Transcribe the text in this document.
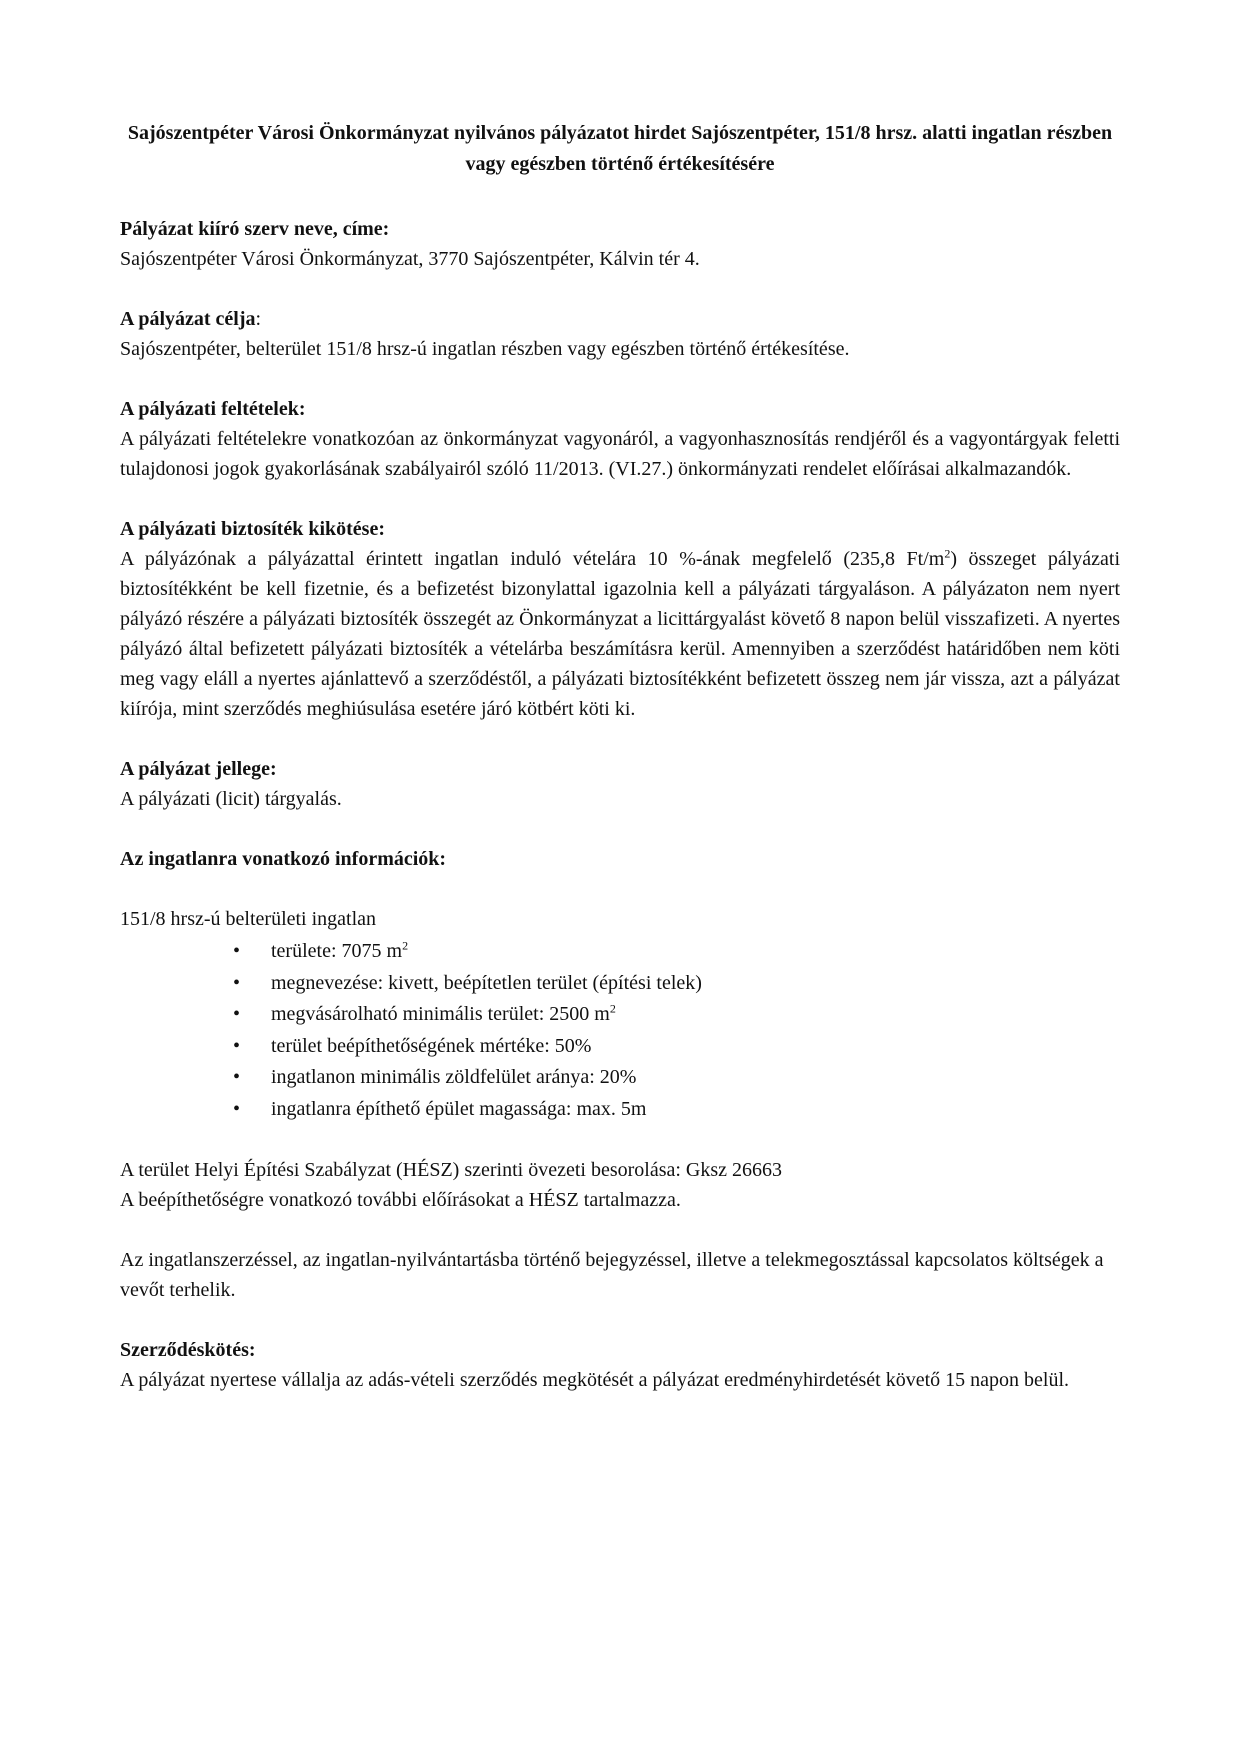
Sajószentpéter Városi Önkormányzat nyilvános pályázatot hirdet Sajószentpéter, 151/8 hrsz. alatti ingatlan részben vagy egészben történő értékesítésére

Pályázat kiíró szerv neve, címe:

Sajószentpéter Városi Önkormányzat, 3770 Sajószentpéter, Kálvin tér 4.

A pályázat célja:

Sajószentpéter, belterület 151/8 hrsz-ú ingatlan részben vagy egészben történő értékesítése.

A pályázati feltételek:

A pályázati feltételekre vonatkozóan az önkormányzat vagyonáról, a vagyonhasznosítás rendjéről és a vagyontárgyak feletti tulajdonosi jogok gyakorlásának szabályairól szóló 11/2013. (VI.27.) önkormányzati rendelet előírásai alkalmazandók.

A pályázati biztosíték kikötése:

A pályázónak a pályázattal érintett ingatlan induló vételára 10 %-ának megfelelő (235,8 $Ft/m^2$) összeget pályázati biztosítékként be kell fizetnie, és a befizetést bizonylattal igazolnia kell a pályázati tárgyaláson. A pályázaton nem nyert pályázó részére a pályázati biztosíték összegét az Önkormányzat a licittárgyalást követő 8 napon belül visszafizeti. A nyertes pályázó által befizetett pályázati biztosíték a vételárba beszámításra kerül. Amennyiben a szerződést határidőben nem köti meg vagy eláll a nyertes ajánlattevő a szerződéstől, a pályázati biztosítékként befizetett összeg nem jár vissza, azt a pályázat kiírója, mint szerződés meghiúsulása esetére járó kötbért köti ki.

A pályázat jellege:

A pályázati (licit) tárgyalás.

Az ingatlanra vonatkozó információk:

151/8 hrsz-ú belterületi ingatlan

• területe: 7075 $m^2$
• megnevezése: kivett, beépítetlen terület (építési telek)
• megvásárolható minimális terület: 2500 $m^2$
• terület beépíthetőségének mértéke: 50%
• ingatlanon minimális zöldfelület aránya: 20%
• ingatlanra építhető épület magassága: max. 5m

A terület Helyi Építési Szabályzat (HÉSZ) szerinti övezeti besorolása: Gksz 26663

A beépíthetőségre vonatkozó további előírásokat a HÉSZ tartalmazza.

Az ingatlanszerzéssel, az ingatlan-nyilvántartásba történő bejegyzéssel, illetve a telekmegosztással kapcsolatos költségek a vevőt terhelik.

Szerződéskötés:

A pályázat nyertese vállalja az adás-vételi szerződés megkötését a pályázat eredményhirdetését követő 15 napon belül.
